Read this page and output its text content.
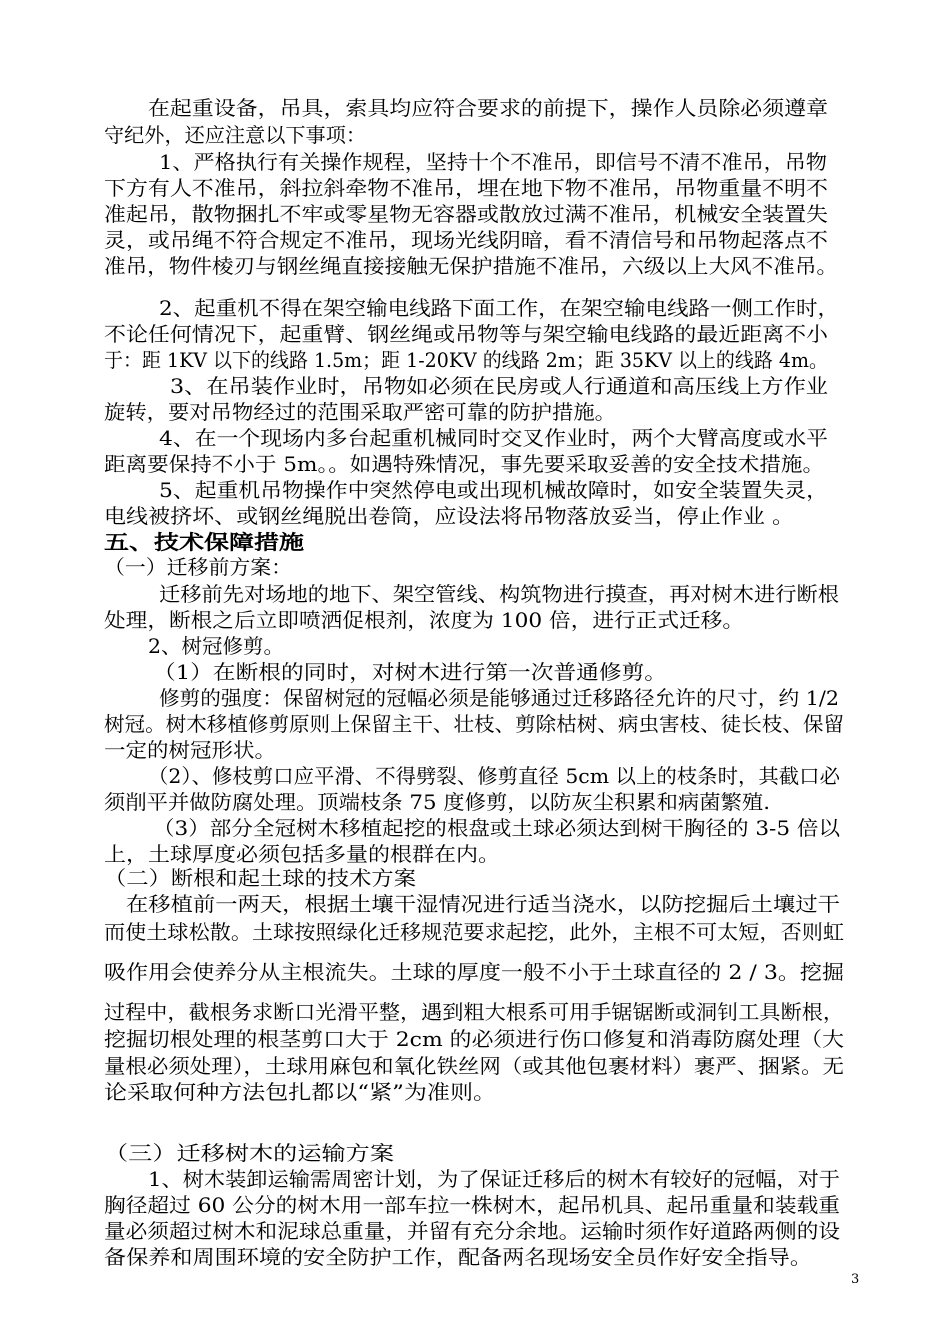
在起重设备，吊具，索具均应符合要求的前提下，操作人员除必须遵章
守纪外，还应注意以下事项：
1、严格执行有关操作规程，坚持十个不准吊，即信号不清不准吊，吊物
下方有人不准吊，斜拉斜牵物不准吊，埋在地下物不准吊，吊物重量不明不
准起吊，散物捆扎不牢或零星物无容器或散放过满不准吊，机械安全装置失
灵，或吊绳不符合规定不准吊，现场光线阴暗，看不清信号和吊物起落点不
准吊，物件棱刃与钢丝绳直接接触无保护措施不准吊，六级以上大风不准吊。
2、起重机不得在架空输电线路下面工作，在架空输电线路一侧工作时，
不论任何情况下，起重臂、钢丝绳或吊物等与架空输电线路的最近距离不小
于：距 1KV 以下的线路 1.5m；距 1-20KV 的线路 2m；距 35KV 以上的线路 4m。
3、在吊装作业时，吊物如必须在民房或人行通道和高压线上方作业
旋转，要对吊物经过的范围采取严密可靠的防护措施。
4、在一个现场内多台起重机械同时交叉作业时，两个大臂高度或水平
距离要保持不小于 5m。。如遇特殊情况，事先要采取妥善的安全技术措施。
5、起重机吊物操作中突然停电或出现机械故障时，如安全装置失灵，
电线被挤坏、或钢丝绳脱出卷筒，应设法将吊物落放妥当，停止作业 。
五、技术保障措施
（一）迁移前方案：
迁移前先对场地的地下、架空管线、构筑物进行摸查，再对树木进行断根
处理，断根之后立即喷洒促根剂，浓度为 100 倍，进行正式迁移。
2、树冠修剪。
（1）在断根的同时，对树木进行第一次普通修剪。
修剪的强度：保留树冠的冠幅必须是能够通过迁移路径允许的尺寸，约 1/2
树冠。树木移植修剪原则上保留主干、壮枝、剪除枯树、病虫害枝、徒长枝、保留
一定的树冠形状。
（2）、修枝剪口应平滑、不得劈裂、修剪直径 5cm 以上的枝条时，其截口必
须削平并做防腐处理。顶端枝条 75 度修剪，以防灰尘积累和病菌繁殖.
（3）部分全冠树木移植起挖的根盘或土球必须达到树干胸径的 3-5 倍以
上，土球厚度必须包括多量的根群在内。
（二）断根和起土球的技术方案
在移植前一两天，根据土壤干湿情况进行适当浇水，以防挖掘后土壤过干
而使土球松散。土球按照绿化迁移规范要求起挖，此外，主根不可太短，否则虹
吸作用会使养分从主根流失。土球的厚度一般不小于土球直径的 2 / 3。挖掘
过程中，截根务求断口光滑平整，遇到粗大根系可用手锯锯断或洞钊工具断根，
挖掘切根处理的根茎剪口大于 2cm 的必须进行伤口修复和消毒防腐处理（大
量根必须处理），土球用麻包和氧化铁丝网（或其他包裹材料）裹严、捆紧。无
论采取何种方法包扎都以“紧”为准则。
（三）迁移树木的运输方案
1、树木装卸运输需周密计划，为了保证迁移后的树木有较好的冠幅，对于
胸径超过 60 公分的树木用一部车拉一株树木，起吊机具、起吊重量和装载重
量必须超过树木和泥球总重量，并留有充分余地。运输时须作好道路两侧的设
备保养和周围环境的安全防护工作，配备两名现场安全员作好安全指导。
3
